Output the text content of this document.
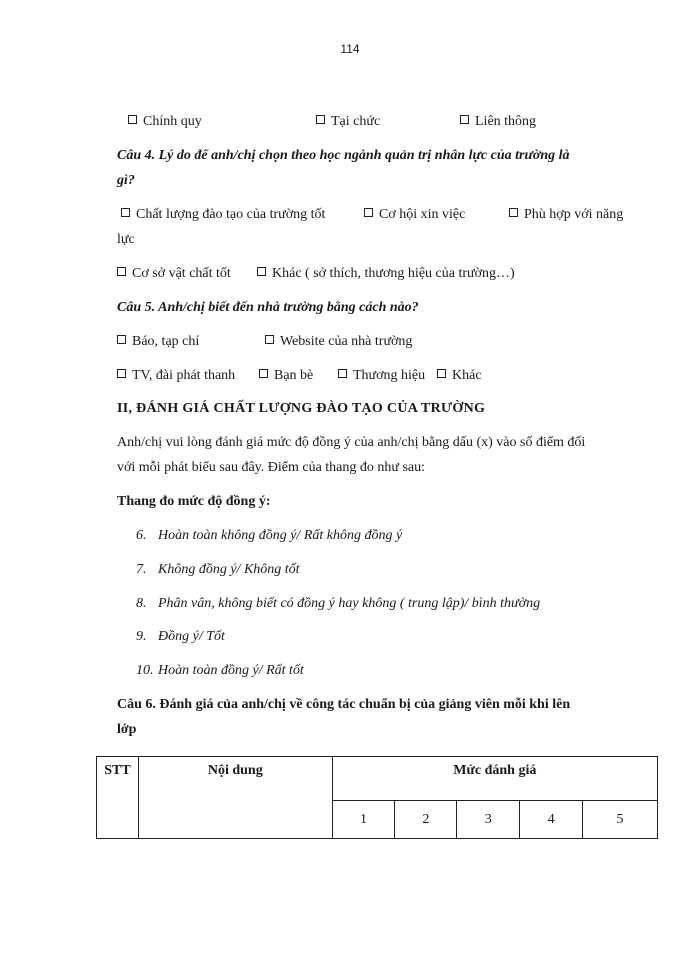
114
Chính quy	Tại chức	Liên thông
Câu 4. Lý do để anh/chị chọn theo học ngành quản trị nhân lực của trường là
gì?
Chất lượng đào tạo của trường tốt	Cơ hội xin việc	Phù hợp với năng
lực
Cơ sở vật chất tốt	Khác ( sở thích, thương hiệu của trường…)
Câu 5. Anh/chị biết đến nhà trường bằng cách nào?
Báo, tạp chí	Website của nhà trường
TV, đài phát thanh	Bạn bè	Thương hiệu	Khác
II, ĐÁNH GIÁ CHẤT LƯỢNG ĐÀO TẠO CỦA TRƯỜNG
Anh/chị vui lòng đánh giá mức độ đồng ý của anh/chị bằng dấu (x) vào số điểm đối
với mỗi phát biểu sau đây. Điểm của thang đo như sau:
Thang đo mức độ đồng ý:
6. Hoàn toàn không đồng ý/ Rất không đồng ý
7. Không đồng ý/ Không tốt
8. Phân vân, không biết có đồng ý hay không ( trung lập)/ bình thường
9. Đồng ý/ Tốt
10. Hoàn toàn đồng ý/ Rất tốt
Câu 6. Đánh giá của anh/chị về công tác chuẩn bị của giảng viên mỗi khi lên
lớp
STT	Nội dung	Mức đánh giá				
		1	2	3	4	5
